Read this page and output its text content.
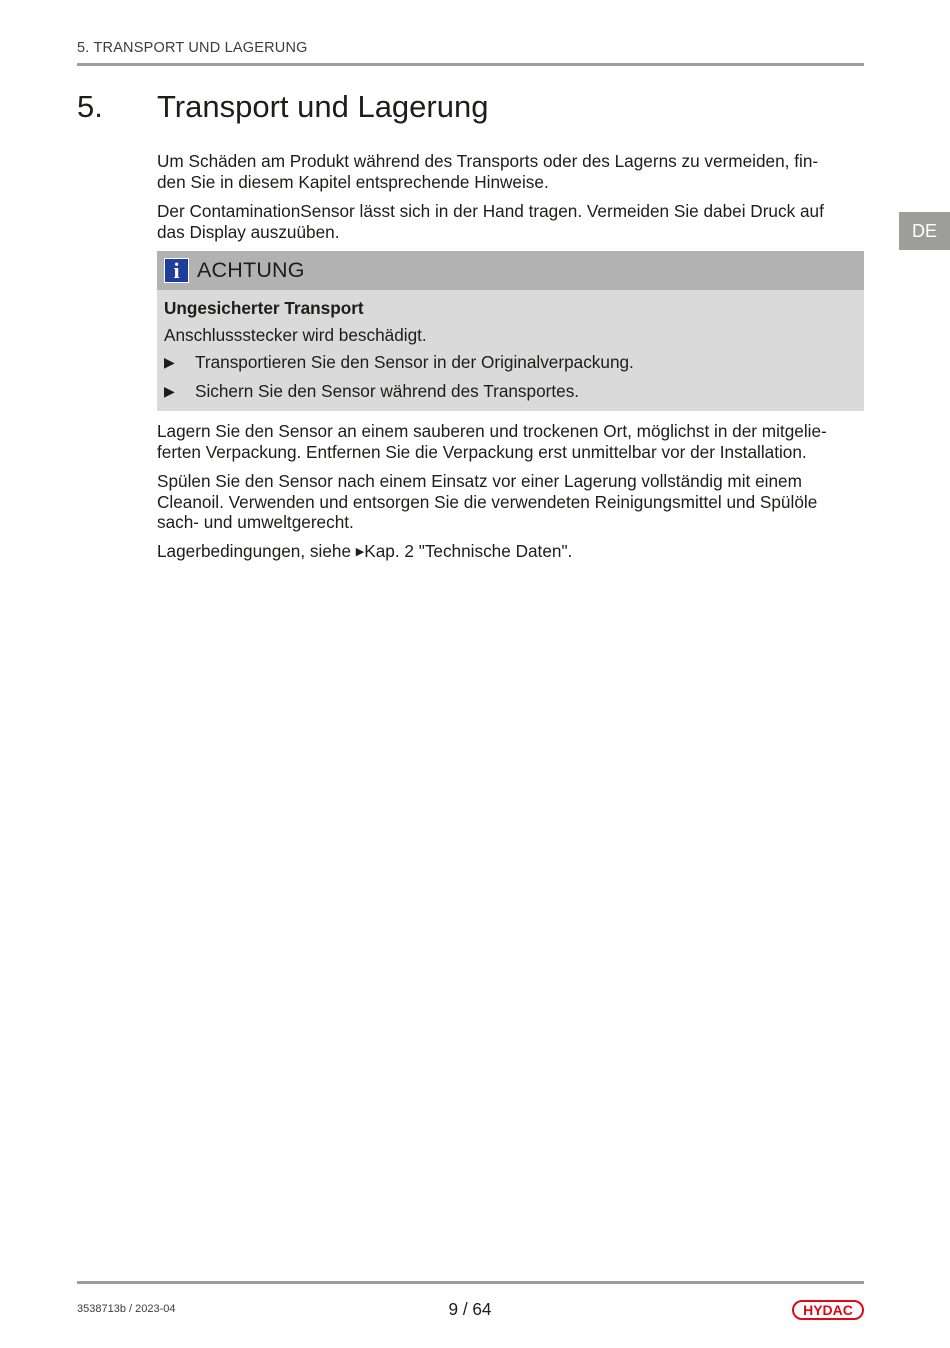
5. TRANSPORT UND LAGERUNG
5. Transport und Lagerung
DE

Um Schäden am Produkt während des Transports oder des Lagerns zu vermeiden, fin-
den Sie in diesem Kapitel entsprechende Hinweise.

Der ContaminationSensor lässt sich in der Hand tragen. Vermeiden Sie dabei Druck auf
das Display auszuüben.

i ACHTUNG
Ungesicherter Transport
Anschlussstecker wird beschädigt.
▶	Transportieren Sie den Sensor in der Originalverpackung.
▶	Sichern Sie den Sensor während des Transportes.

Lagern Sie den Sensor an einem sauberen und trockenen Ort, möglichst in der mitgelie-
ferten Verpackung. Entfernen Sie die Verpackung erst unmittelbar vor der Installation.

Spülen Sie den Sensor nach einem Einsatz vor einer Lagerung vollständig mit einem
Cleanoil. Verwenden und entsorgen Sie die verwendeten Reinigungsmittel und Spülöle
sach- und umweltgerecht.

Lagerbedingungen, siehe ▶Kap. 2 "Technische Daten".

3538713b / 2023-04	9 / 64	HYDAC
